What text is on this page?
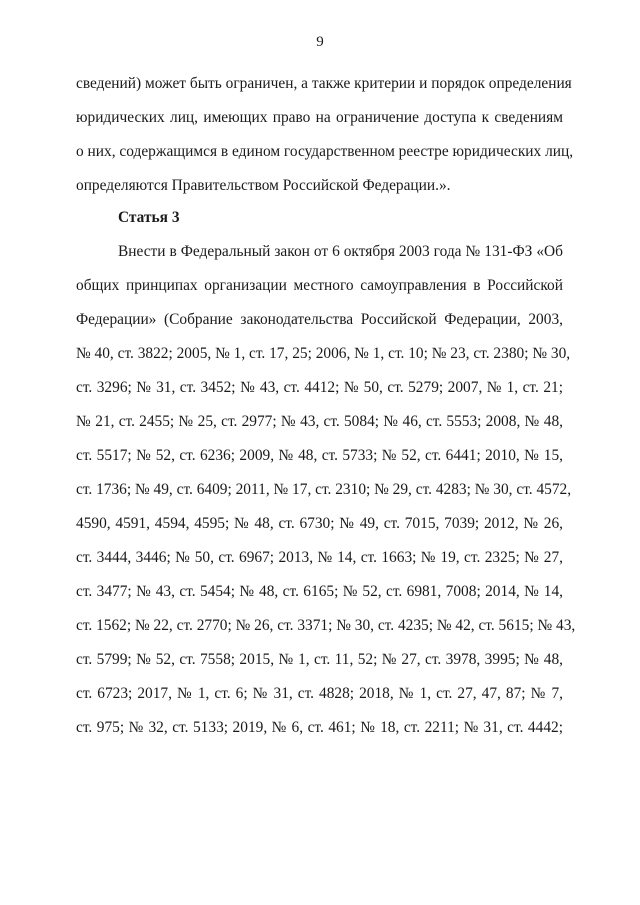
9
сведений) может быть ограничен, а также критерии и порядок определения
юридических лиц, имеющих право на ограничение доступа к сведениям
о них, содержащимся в едином государственном реестре юридических лиц,
определяются Правительством Российской Федерации.».
Статья 3
Внести в Федеральный закон от 6 октября 2003 года № 131-ФЗ «Об
общих принципах организации местного самоуправления в Российской
Федерации» (Собрание законодательства Российской Федерации, 2003,
№ 40, ст. 3822; 2005, № 1, ст. 17, 25; 2006, № 1, ст. 10; № 23, ст. 2380; № 30,
ст. 3296; № 31, ст. 3452; № 43, ст. 4412; № 50, ст. 5279; 2007, № 1, ст. 21;
№ 21, ст. 2455; № 25, ст. 2977; № 43, ст. 5084; № 46, ст. 5553; 2008, № 48,
ст. 5517; № 52, ст. 6236; 2009, № 48, ст. 5733; № 52, ст. 6441; 2010, № 15,
ст. 1736; № 49, ст. 6409; 2011, № 17, ст. 2310; № 29, ст. 4283; № 30, ст. 4572,
4590, 4591, 4594, 4595; № 48, ст. 6730; № 49, ст. 7015, 7039; 2012, № 26,
ст. 3444, 3446; № 50, ст. 6967; 2013, № 14, ст. 1663; № 19, ст. 2325; № 27,
ст. 3477; № 43, ст. 5454; № 48, ст. 6165; № 52, ст. 6981, 7008; 2014, № 14,
ст. 1562; № 22, ст. 2770; № 26, ст. 3371; № 30, ст. 4235; № 42, ст. 5615; № 43,
ст. 5799; № 52, ст. 7558; 2015, № 1, ст. 11, 52; № 27, ст. 3978, 3995; № 48,
ст. 6723; 2017, № 1, ст. 6; № 31, ст. 4828; 2018, № 1, ст. 27, 47, 87; № 7,
ст. 975; № 32, ст. 5133; 2019, № 6, ст. 461; № 18, ст. 2211; № 31, ст. 4442;
